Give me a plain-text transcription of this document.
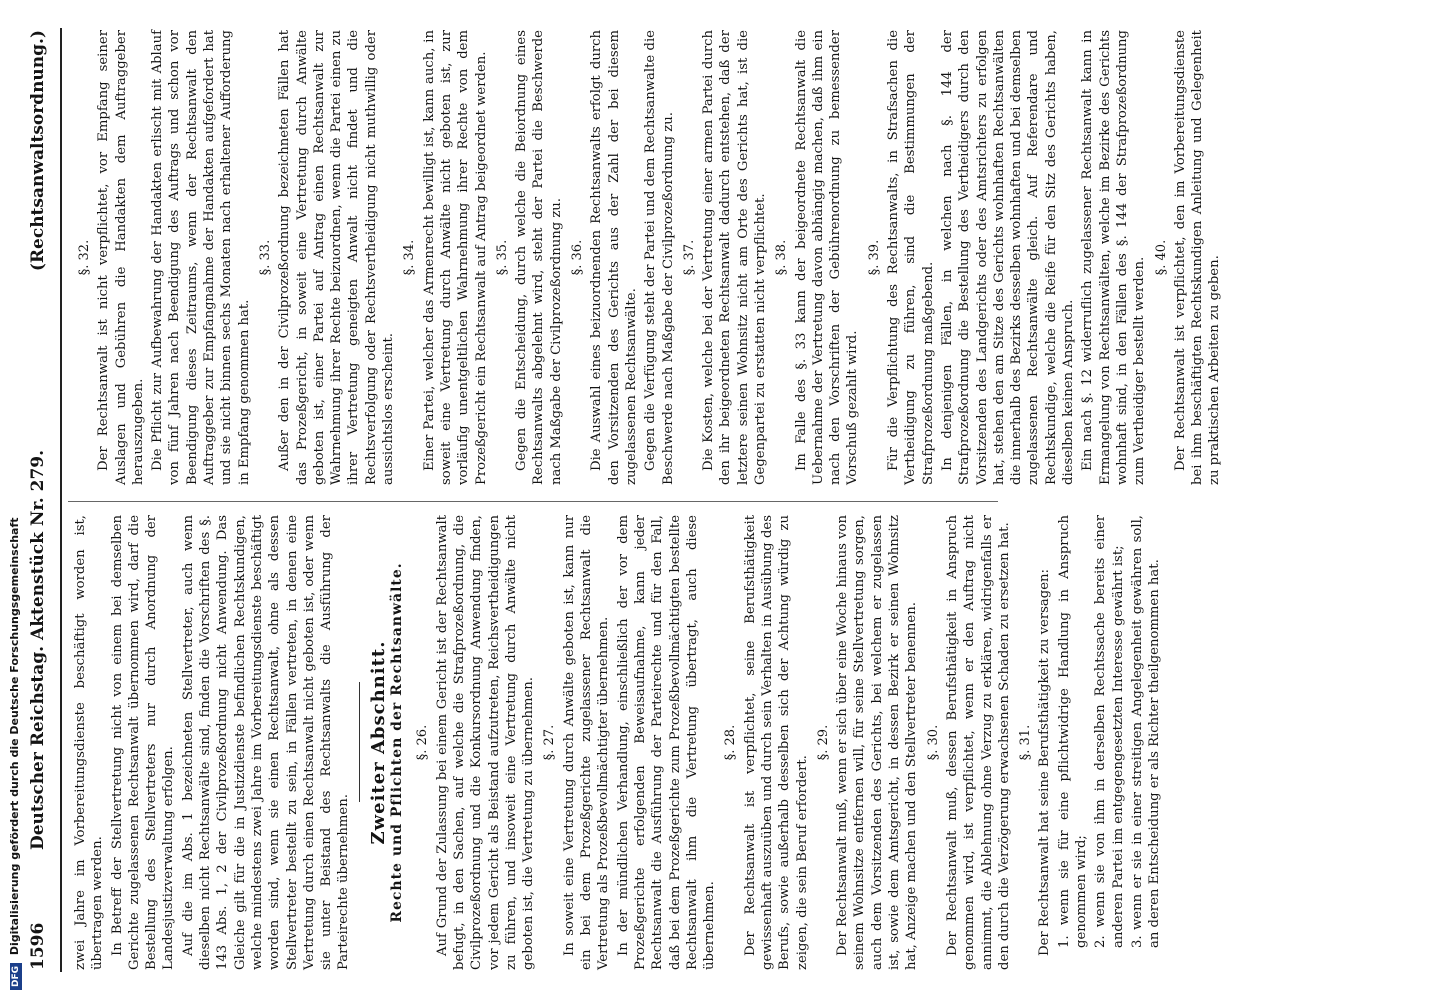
1596
Deutscher Reichstag. Aktenstück Nr. 279.
(Rechtsanwaltsordnung.)

zwei Jahre im Vorbereitungsdienste beschäftigt worden ist, übertragen werden. In Betreff der Stellvertretung nicht von einem bei demselben Gerichte zugelassenen Rechtsanwalt übernommen wird, darf die Bestellung des Stellvertreters nur durch Anordnung der Landesjustizverwaltung erfolgen. Auf die im Abs. 1 bezeichneten Stellvertreter, auch wenn dieselben nicht Rechtsanwälte sind, finden die Vorschriften des §. 143 Abs. 1, 2 der Civilprozeßordnung nicht Anwendung. Das Gleiche gilt für die in Justizdienste befindlichen Rechtskundigen, welche mindestens zwei Jahre im Vorbereitungsdienste beschäftigt worden sind, wenn sie einen Rechtsanwalt, ohne als dessen Stellvertreter bestellt zu sein, in Fällen vertreten, in denen eine Vertretung durch einen Rechtsanwalt nicht geboten ist, oder wenn sie unter Beistand des Rechtsanwalts die Ausführung der Parteirechte übernehmen.

Zweiter Abschnitt. Rechte und Pflichten der Rechtsanwälte. §. 26. Auf Grund der Zulassung bei einem Gericht ist der Rechtsanwalt befugt, in den Sachen, auf welche die Strafprozeßordnung, die Civilprozeßordnung und die Konkursordnung Anwendung finden, vor jedem Gericht als Beistand aufzutreten, Reichsvertheidigungen zu führen, und insoweit eine Vertretung durch Anwälte nicht geboten ist, die Vertretung zu übernehmen. §. 27. In soweit eine Vertretung durch Anwälte geboten ist, kann nur ein bei dem Prozeßgerichte zugelassener Rechtsanwalt die Vertretung als Prozeßbevollmächtigter übernehmen. In der mündlichen Verhandlung, einschließlich der vor dem Prozeßgerichte erfolgenden Beweisaufnahme, kann jeder Rechtsanwalt die Ausführung der Parteirechte und für den Fall, daß bei dem Prozeßgerichte zum Prozeßbevollmächtigten bestellte Rechtsanwalt ihm die Vertretung übertragt, auch diese übernehmen.

§. 28. Der Rechtsanwalt ist verpflichtet, seine Berufsthätigkeit gewissenhaft auszuüben und durch sein Verhalten in Ausübung des Berufs, sowie außerhalb desselben sich der Achtung würdig zu zeigen, die sein Beruf erfordert.

§. 29. Der Rechtsanwalt muß, wenn er sich über eine Woche hinaus von seinem Wohnsitze entfernen will, für seine Stellvertretung sorgen, auch dem Vorsitzenden des Gerichts, bei welchem er zugelassen ist, sowie dem Amtsgericht, in dessen Bezirk er seinen Wohnsitz hat, Anzeige machen und den Stellvertreter benennen. §. 30. Der Rechtsanwalt muß, dessen Berufsthätigkeit in Anspruch genommen wird, ist verpflichtet, wenn er den Auftrag nicht annimmt, die Ablehnung ohne Verzug zu erklären, widrigenfalls er den durch die Verzögerung erwachsenen Schaden zu ersetzen hat. §. 31. Der Rechtsanwalt hat seine Berufsthätigkeit zu versagen: 1. wenn sie für eine pflichtwidrige Handlung in Anspruch genommen wird; 2. wenn sie von ihm in derselben Rechtssache bereits einer anderen Partei im entgegengesetzten Interesse gewährt ist; 3. wenn er sie in einer streitigen Angelegenheit gewähren soll, an deren Entscheidung er als Richter theilgenommen hat.

§. 32. Der Rechtsanwalt ist nicht verpflichtet, vor Empfang seiner Auslagen und Gebühren die Handakten dem Auftraggeber herauszugeben. Die Pflicht zur Aufbewahrung der Handakten erlischt mit Ablauf von fünf Jahren nach Beendigung des Auftrags und schon vor Beendigung dieses Zeitraums, wenn der Rechtsanwalt den Auftraggeber zur Empfangnahme der Handakten aufgefordert hat und sie nicht binnen sechs Monaten nach erhaltener Aufforderung in Empfang genommen hat.

§. 33. Außer den in der Civilprozeßordnung bezeichneten Fällen hat das Prozeßgericht, in soweit eine Vertretung durch Anwälte geboten ist, einer Partei auf Antrag einen Rechtsanwalt zur Wahrnehmung ihrer Rechte beizuordnen, wenn die Partei einen zu ihrer Vertretung geneigten Anwalt nicht findet und die Rechtsverfolgung oder Rechtsvertheidigung nicht muthwillig oder aussichtslos erscheint.

§. 34. Einer Partei, welcher das Armenrecht bewilligt ist, kann auch, in soweit eine Vertretung durch Anwälte nicht geboten ist, zur vorläufig unentgeltlichen Wahrnehmung ihrer Rechte von dem Prozeßgericht ein Rechtsanwalt auf Antrag beigeordnet werden. §. 35. Gegen die Entscheidung, durch welche die Beiordnung eines Rechtsanwalts abgelehnt wird, steht der Partei die Beschwerde nach Maßgabe der Civilprozeßordnung zu. §. 36. Die Auswahl eines beizuordnenden Rechtsanwalts erfolgt durch den Vorsitzenden des Gerichts aus der Zahl der bei diesem zugelassenen Rechtsanwälte. Gegen die Verfügung steht der Partei und dem Rechtsanwalte die Beschwerde nach Maßgabe der Civilprozeßordnung zu. §. 37. Die Kosten, welche bei der Vertretung einer armen Partei durch den ihr beigeordneten Rechtsanwalt dadurch entstehen, daß der letztere seinen Wohnsitz nicht am Orte des Gerichts hat, ist die Gegenpartei zu erstatten nicht verpflichtet. §. 38. Im Falle des §. 33 kann der beigeordnete Rechtsanwalt die Uebernahme der Vertretung davon abhängig machen, daß ihm ein nach den Vorschriften der Gebührenordnung zu bemessender Vorschuß gezahlt wird.

§. 39. Für die Verpflichtung des Rechtsanwalts, in Strafsachen die Vertheidigung zu führen, sind die Bestimmungen der Strafprozeßordnung maßgebend. In denjenigen Fällen, in welchen nach §. 144 der Strafprozeßordnung die Bestellung des Vertheidigers durch den Vorsitzenden des Landgerichts oder des Amtsrichters zu erfolgen hat, stehen den am Sitze des Gerichts wohnhaften Rechtsanwälten die innerhalb des Bezirks desselben wohnhaften und bei demselben zugelassenen Rechtsanwälte gleich. Auf Referendare und Rechtskundige, welche die Reife für den Sitz des Gerichts haben, dieselben keinen Anspruch. Ein nach §. 12 widerruflich zugelassener Rechtsanwalt kann in Ermangelung von Rechtsanwälten, welche im Bezirke des Gerichts wohnhaft sind, in den Fällen des §. 144 der Strafprozeßordnung zum Vertheidiger bestellt werden. §. 40. Der Rechtsanwalt ist verpflichtet, den im Vorbereitungsdienste bei ihm beschäftigten Rechtskundigen Anleitung und Gelegenheit zu praktischen Arbeiten zu geben.

DFG Digitalisierung gefördert durch die Deutsche Forschungsgemeinschaft
